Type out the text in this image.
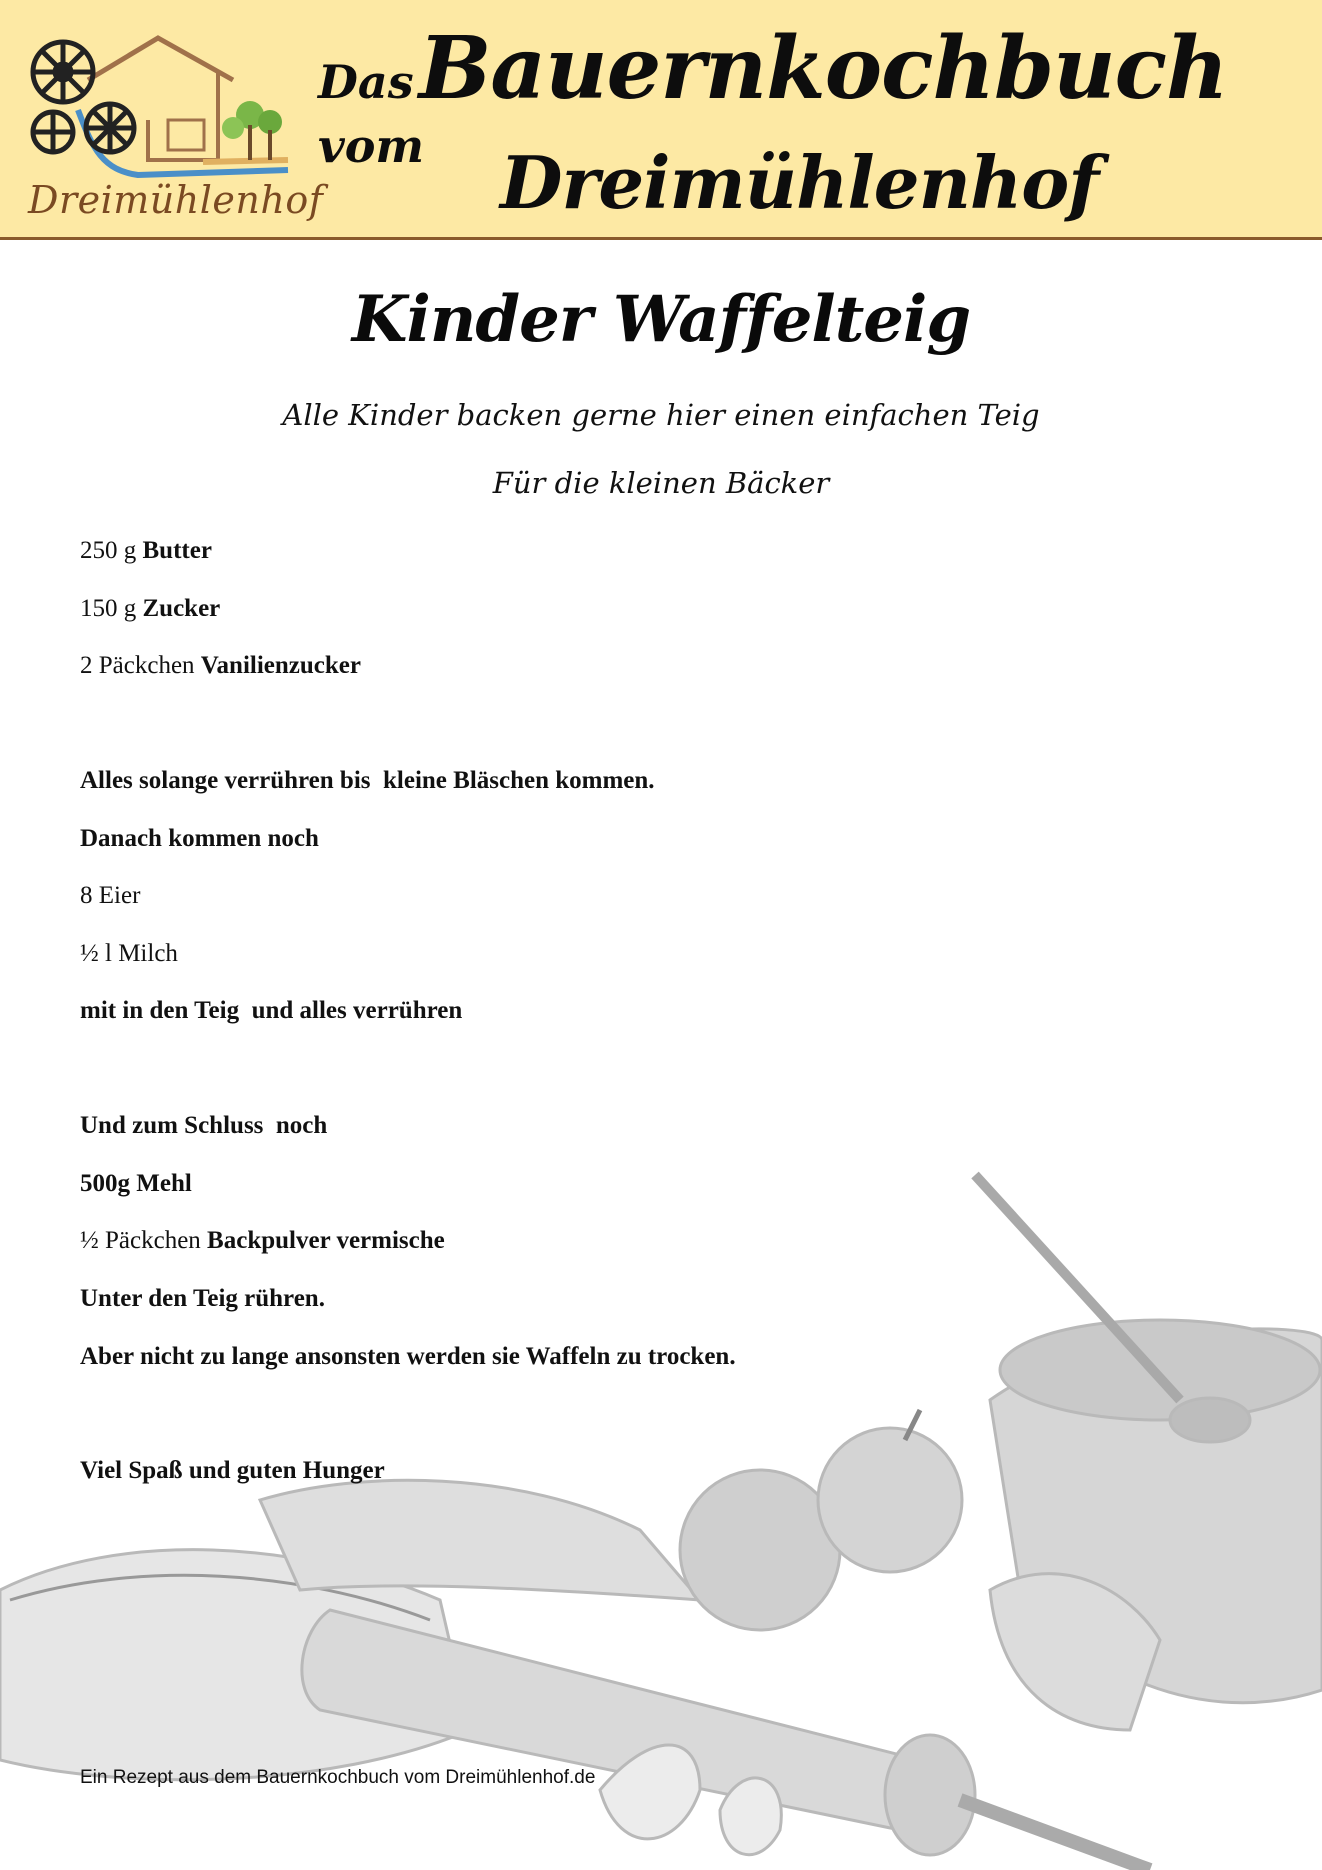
Dreimühlenhof
Das Bauernkochbuch vom	Dreimühlenhof
Kinder Waffelteig
Alle Kinder backen gerne hier einen einfachen Teig
Für die kleinen Bäcker
250 g Butter
150 g Zucker
2 Päckchen Vanilienzucker
Alles solange verrühren bis  kleine Bläschen kommen.
Danach kommen noch
8 Eier
½ l Milch
mit in den Teig  und alles verrühren
Und zum Schluss  noch
500g Mehl
½ Päckchen Backpulver vermische
Unter den Teig rühren.
Aber nicht zu lange ansonsten werden sie Waffeln zu trocken.
Viel Spaß und guten Hunger
Ein Rezept aus dem Bauernkochbuch vom Dreimühlenhof.de
